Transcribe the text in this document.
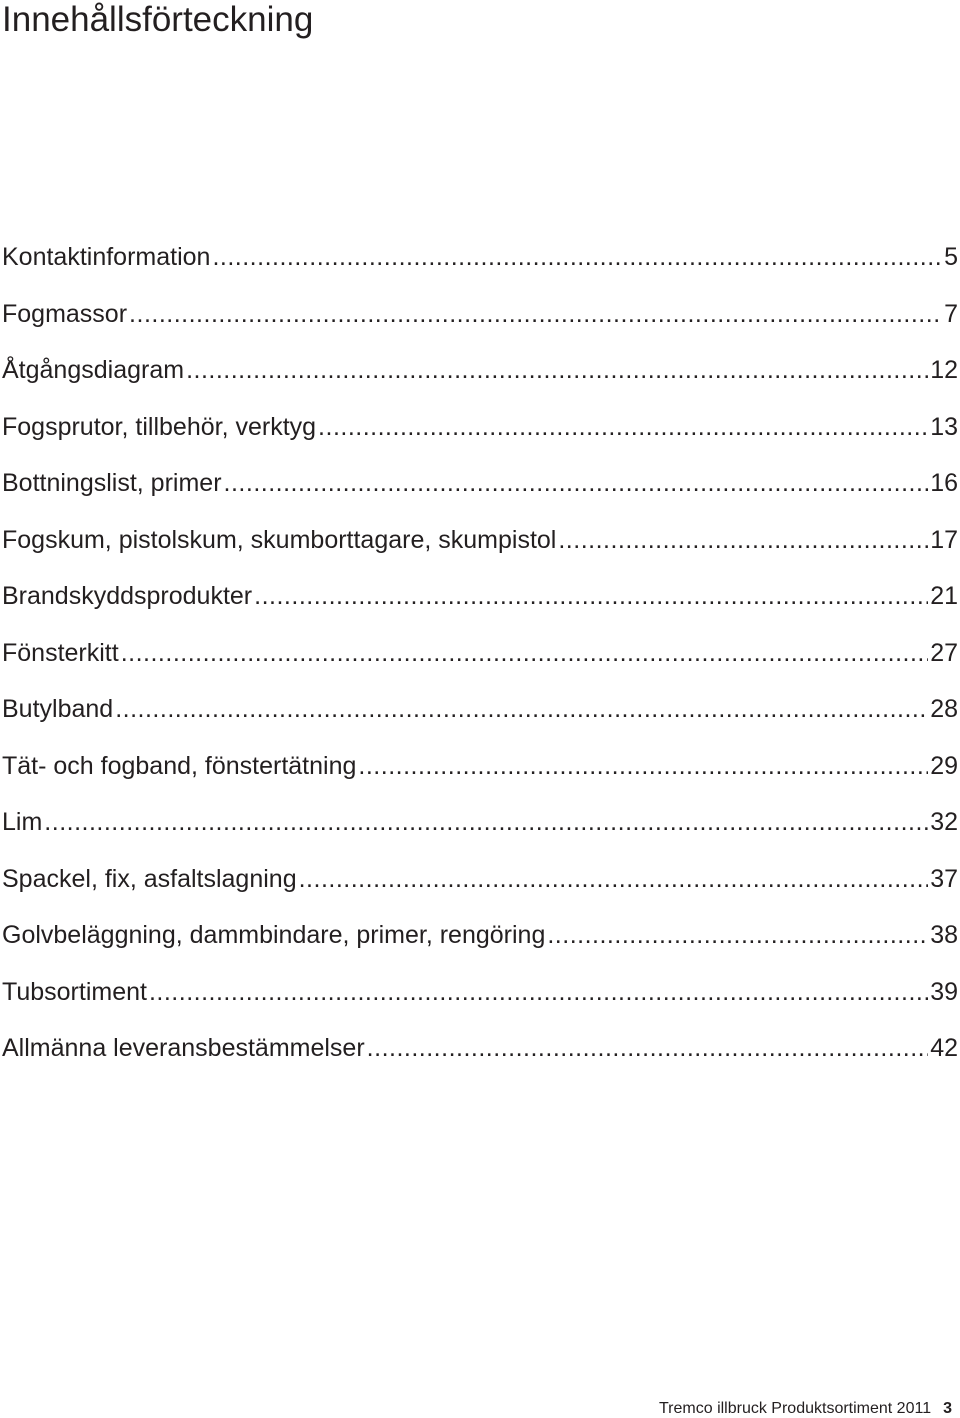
Innehållsförteckning
Kontaktinformation .....	5
Fogmassor .....	7
Åtgångsdiagram .....	12
Fogsprutor, tillbehör, verktyg .....	13
Bottningslist, primer .....	16
Fogskum, pistolskum, skumborttagare, skumpistol .....	17
Brandskyddsprodukter .....	21
Fönsterkitt .....	27
Butylband .....	28
Tät- och fogband, fönstertätning .....	29
Lim .....	32
Spackel, fix, asfaltslagning .....	37
Golvbeläggning, dammbindare, primer, rengöring .....	38
Tubsortiment .....	39
Allmänna leveransbestämmelser .....	42
Tremco illbruck Produktsortiment 2011 3
